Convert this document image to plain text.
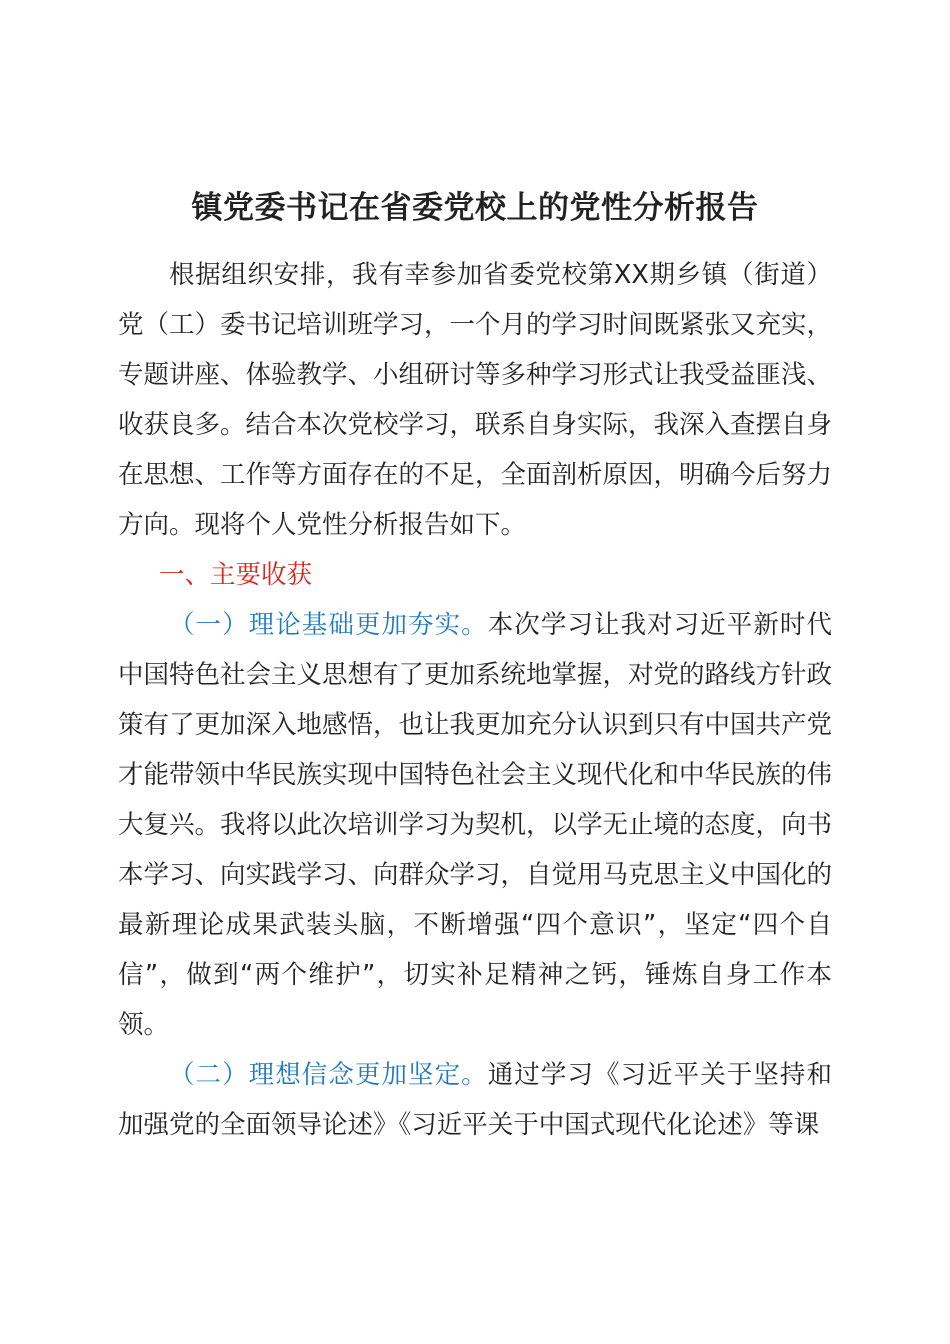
镇党委书记在省委党校上的党性分析报告

根据组织安排，我有幸参加省委党校第XX期乡镇（街道）党（工）委书记培训班学习，一个月的学习时间既紧张又充实，专题讲座、体验教学、小组研讨等多种学习形式让我受益匪浅、收获良多。结合本次党校学习，联系自身实际，我深入查摆自身在思想、工作等方面存在的不足，全面剖析原因，明确今后努力方向。现将个人党性分析报告如下。

一、主要收获

（一）理论基础更加夯实。本次学习让我对习近平新时代中国特色社会主义思想有了更加系统地掌握，对党的路线方针政策有了更加深入地感悟，也让我更加充分认识到只有中国共产党才能带领中华民族实现中国特色社会主义现代化和中华民族的伟大复兴。我将以此次培训学习为契机，以学无止境的态度，向书本学习、向实践学习、向群众学习，自觉用马克思主义中国化的最新理论成果武装头脑，不断增强“四个意识”，坚定“四个自信”，做到“两个维护”，切实补足精神之钙，锤炼自身工作本领。

（二）理想信念更加坚定。通过学习《习近平关于坚持和加强党的全面领导论述》《习近平关于中国式现代化论述》等课
